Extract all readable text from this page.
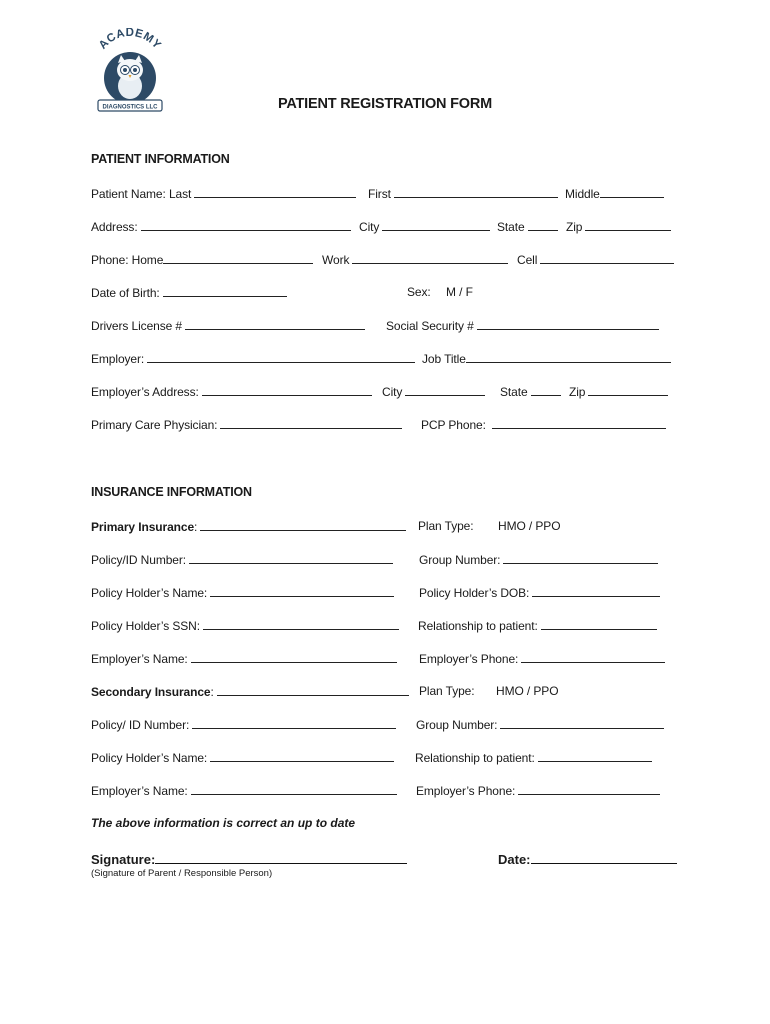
ACADEMY
DIAGNOSTICS LLC	PATIENT REGISTRATION FORM
PATIENT INFORMATION
Patient Name: Last	First	Middle
Address:	City	State	Zip
Phone: Home	Work	Cell
Date of Birth:	Sex: M / F
Drivers License #	Social Security #
Employer:	Job Title
Employer’s Address:	City	State	Zip
Primary Care Physician:	PCP Phone:
INSURANCE INFORMATION
Primary Insurance:	Plan Type: HMO / PPO
Policy/ID Number:	Group Number:
Policy Holder’s Name:	Policy Holder’s DOB:
Policy Holder’s SSN:	Relationship to patient:
Employer’s Name:	Employer’s Phone:
Secondary Insurance:	Plan Type: HMO / PPO
Policy/ ID Number:	Group Number:
Policy Holder’s Name:	Relationship to patient:
Employer’s Name:	Employer’s Phone:
The above information is correct an up to date
Signature:
(Signature of Parent / Responsible Person)
Date:
